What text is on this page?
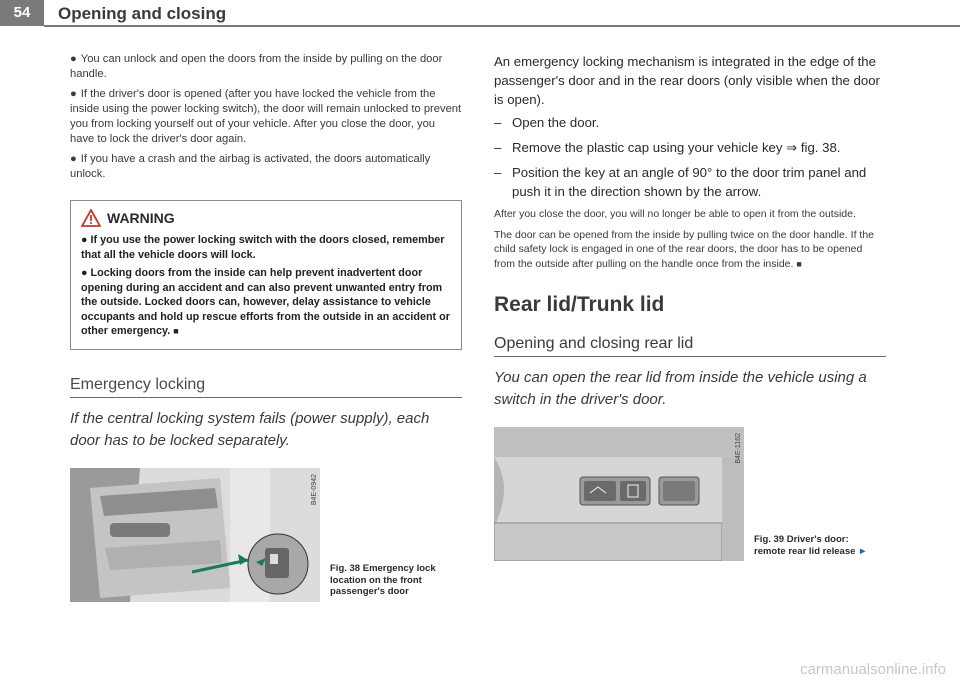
54	Opening and closing

● You can unlock and open the doors from the inside by pulling on the door handle.

● If the driver's door is opened (after you have locked the vehicle from the inside using the power locking switch), the door will remain unlocked to prevent you from locking yourself out of your vehicle. After you close the door, you have to lock the driver's door again.

● If you have a crash and the airbag is activated, the doors automatically unlock.

WARNING

● If you use the power locking switch with the doors closed, remember that all the vehicle doors will lock.

● Locking doors from the inside can help prevent inadvertent door opening during an accident and can also prevent unwanted entry from the outside. Locked doors can, however, delay assistance to vehicle occupants and hold up rescue efforts from the outside in an accident or other emergency. ■

Emergency locking
If the central locking system fails (power supply), each door has to be locked separately.
B4E-0942
Fig. 38 Emergency lock location on the front passenger's door

An emergency locking mechanism is integrated in the edge of the passenger's door and in the rear doors (only visible when the door is open).

– Open the door.
– Remove the plastic cap using your vehicle key ⇒ fig. 38.
– Position the key at an angle of 90° to the door trim panel and push it in the direction shown by the arrow.

After you close the door, you will no longer be able to open it from the outside.

The door can be opened from the inside by pulling twice on the door handle. If the child safety lock is engaged in one of the rear doors, the door has to be opened from the outside after pulling on the handle once from the inside. ■

Rear lid/Trunk lid
Opening and closing rear lid
You can open the rear lid from inside the vehicle using a switch in the driver's door.
B4E-1162
Fig. 39 Driver's door: remote rear lid release ►
carmanualsonline.info
